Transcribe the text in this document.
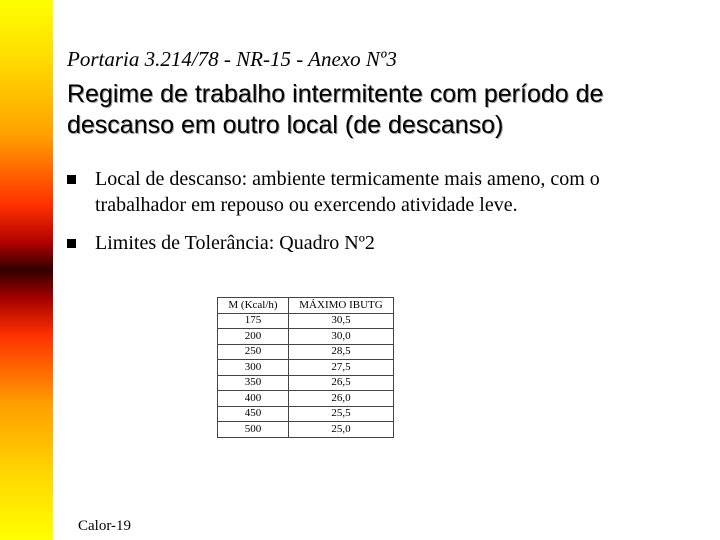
Portaria 3.214/78 - NR-15 - Anexo Nº3
Regime de trabalho intermitente com período de descanso em outro local (de descanso)
Local de descanso: ambiente termicamente mais ameno, com o trabalhador em repouso ou exercendo atividade leve.
Limites de Tolerância: Quadro Nº2
M (Kcal/h)	MÁXIMO IBUTG
175	30,5
200	30,0
250	28,5
300	27,5
350	26,5
400	26,0
450	25,5
500	25,0
Calor-19
